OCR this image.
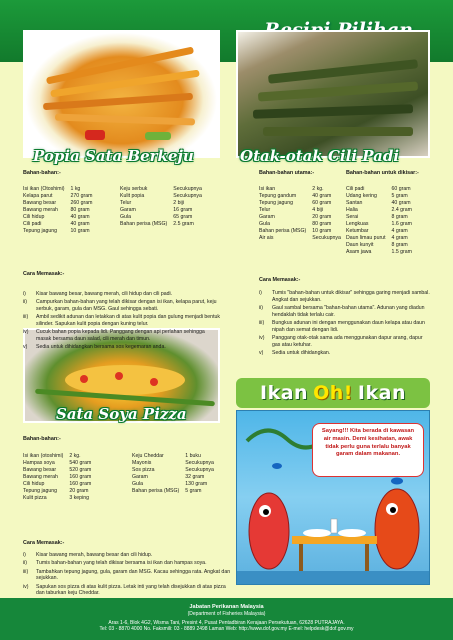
Popia Sata Berkeju	Otak-otak Cili Padi
Sata Soya Pizza
Bahan-bahan:-
Isi ikan (Otoshimi)	1 kg
Kelapa parut	270 gram
Bawang besar	260 gram
Bawang merah	80 gram
Cili hidup	40 gram
Cili padi	40 gram
Tepung jagung	10 gram
Keju serbuk	Secukupnya
Kulit popia	Secukupnya
Telur	2 biji
Garam	16 gram
Gula	65 gram
Bahan perisa (MSG)	2.5 gram
Cara Memasak:-
i)	Kisar bawang besar, bawang merah, cili hidup dan cili padi.
ii)	Campurkan bahan-bahan yang telah dikisar dengan isi ikan, kelapa parut, keju serbuk, garam, gula dan MSG. Gaul sehingga sebati.
iii)	Ambil sedikit adunan dan letakkan di atas kulit popia dan gulung menjadi bentuk silinder. Sapukan kulit popia dengan kuning telur.
iv)	Cucuk bahan popia kepada lidi. Panggang dengan api perlahan sehingga masak bersama daun salad, cili merah dan timun.
v)	Sedia untuk dihidangkan bersama sos kegemaran anda.
Bahan-bahan utama:-	Bahan-bahan untuk dikisar:-
Isi ikan	2 kg.
Tepung gandum	40 gram
Tepung jagung	60 gram
Telur	4 biji
Garam	20 gram
Gula	80 gram
Bahan perisa (MSG)	10 gram
Air ais	Secukupnya
Cili padi	60 gram
Udang kering	5 gram
Santan	40 gram
Halia	2.4 gram
Serai	8 gram
Lengkuas	1.6 gram
Ketumbar	4 gram
Daun limau purut	4 gram
Daun kunyit	8 gram
Asam jawa	1.5 gram
Cara Memasak:-
i)	Tumis "bahan-bahan untuk dikisar" sehingga garing menjadi sambal. Angkat dan sejukkan.
ii)	Gaul sambal bersama "bahan-bahan utama". Adunan yang diadun hendaklah tidak terlalu cair.
iii)	Bungkus adunan ini dengan menggunakan daun kelapa atau daun nipah dan semat dengan lidi.
iv)	Panggang otak-otak sama ada menggunakan dapur arang, dapur gas atau ketuhar.
v)	Sedia untuk dihidangkan.
Ikan Oh! Ikan
Sayang!!! Kita berada di kawasan air masin. Demi kesihatan, awak tidak perlu guna terlalu banyak garam dalam makanan.
Bahan-bahan:-
Isi ikan (otoshimi)	2 kg.
Hampas soya	540 gram
Bawang besar	520 gram
Bawang merah	160 gram
Cili hidup	160 gram
Tepung jagung	20 gram
Kulit pizza	3 keping
Keju Cheddar	1 buku
Mayonis	Secukupnya
Sos pizza	Secukupnya
Garam	32 gram
Gula	130 gram
Bahan perisa (MSG)	5 gram
Cara Memasak:-
i)	Kisar bawang merah, bawang besar dan cili hidup.
ii)	Tumis bahan-bahan yang telah dikisar bersama isi ikan dan hampas soya.
iii)	Tambahkan tepung jagung, gula, garam dan MSG. Kacau sehingga rata. Angkat dan sejukkan.
iv)	Sapukan sos pizza di atas kulit pizza. Letak inti yang telah disejukkan di atas pizza dan taburkan keju Cheddar.
Jabatan Perikanan Malaysia
(Department of Fisheries Malaysia)
Aras 1-6, Blok 4G2, Wisma Tani, Presint 4, Pusat Pentadbiran Kerajaan Persekutuan, 62628 PUTRAJAYA.
Tel: 03 - 8870 4000 No. Faksmili: 03 - 8889 2498 Laman Web: http://www.dof.gov.my E-mel: helpdesk@dof.gov.my
